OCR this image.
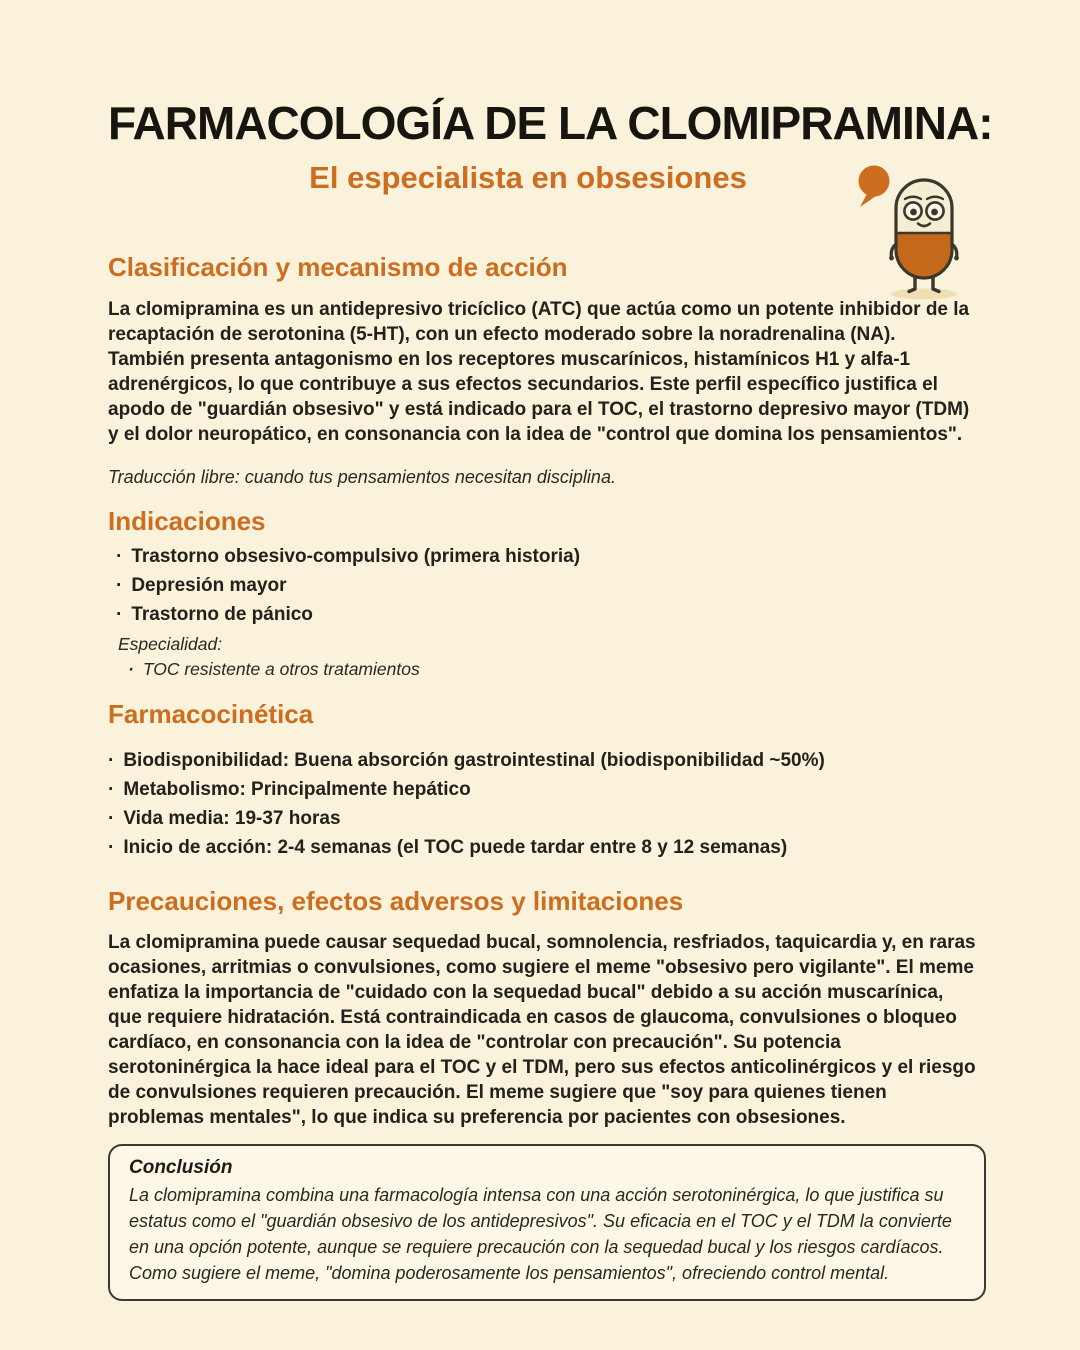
FARMACOLOGÍA DE LA CLOMIPRAMINA:
El especialista en obsesiones
Clasificación y mecanismo de acción

La clomipramina es un antidepresivo tricíclico (ATC) que actúa como un potente inhibidor de la recaptación de serotonina (5-HT), con un efecto moderado sobre la noradrenalina (NA). También presenta antagonismo en los receptores muscarínicos, histamínicos H1 y alfa-1 adrenérgicos, lo que contribuye a sus efectos secundarios. Este perfil específico justifica el apodo de "guardián obsesivo" y está indicado para el TOC, el trastorno depresivo mayor (TDM) y el dolor neuropático, en consonancia con la idea de "control que domina los pensamientos".

Traducción libre: cuando tus pensamientos necesitan disciplina.

Indicaciones
· Trastorno obsesivo-compulsivo (primera historia)
· Depresión mayor
· Trastorno de pánico
Especialidad:
· TOC resistente a otros tratamientos
Farmacocinética
· Biodisponibilidad: Buena absorción gastrointestinal (biodisponibilidad ~50%)
· Metabolismo: Principalmente hepático
· Vida media: 19-37 horas
· Inicio de acción: 2-4 semanas (el TOC puede tardar entre 8 y 12 semanas)
Precauciones, efectos adversos y limitaciones

La clomipramina puede causar sequedad bucal, somnolencia, resfriados, taquicardia y, en raras ocasiones, arritmias o convulsiones, como sugiere el meme "obsesivo pero vigilante". El meme enfatiza la importancia de "cuidado con la sequedad bucal" debido a su acción muscarínica, que requiere hidratación. Está contraindicada en casos de glaucoma, convulsiones o bloqueo cardíaco, en consonancia con la idea de "controlar con precaución". Su potencia serotoninérgica la hace ideal para el TOC y el TDM, pero sus efectos anticolinérgicos y el riesgo de convulsiones requieren precaución. El meme sugiere que "soy para quienes tienen problemas mentales", lo que indica su preferencia por pacientes con obsesiones.

Conclusión

La clomipramina combina una farmacología intensa con una acción serotoninérgica, lo que justifica su estatus como el "guardián obsesivo de los antidepresivos". Su eficacia en el TOC y el TDM la convierte en una opción potente, aunque se requiere precaución con la sequedad bucal y los riesgos cardíacos. Como sugiere el meme, "domina poderosamente los pensamientos", ofreciendo control mental.
